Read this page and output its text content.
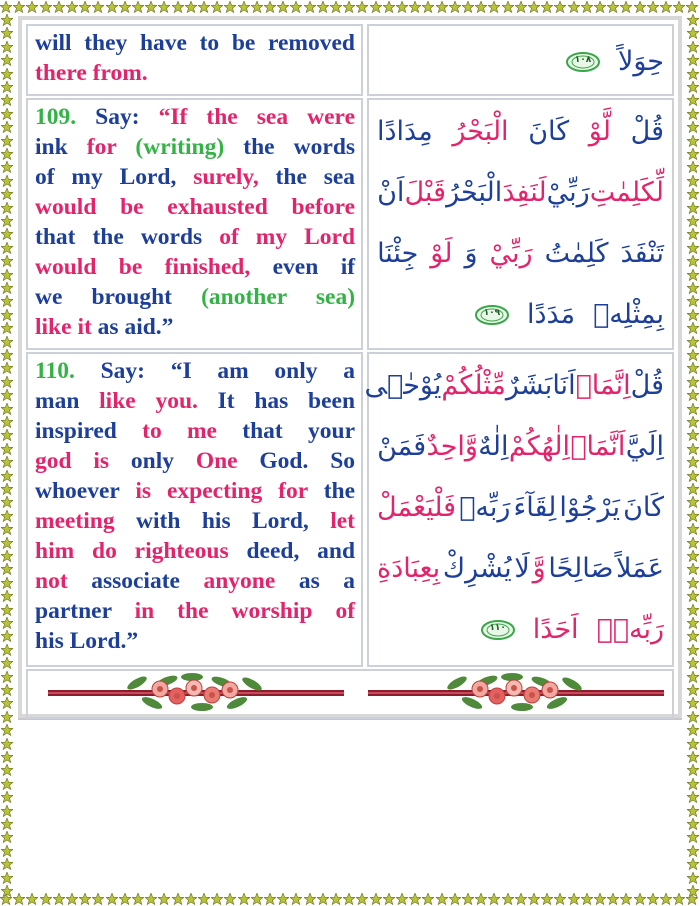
will they have to be removed
there from.	حِوَلاً
١٠٨
109. Say: “If the sea were
ink for (writing) the words
of my Lord, surely, the sea
would be exhausted before
that the words of my Lord
would be finished, even if
we brought (another sea)
like it as aid.”
قُلْ
لَّوْ
كَانَ
الْبَحْرُ
مِدَادًا
لِّكَلِمٰتِ
رَبِّيْ
لَنَفِدَ
الْبَحْرُ
قَبْلَ
اَنْ
تَنْفَدَ
كَلِمٰتُ
رَبِّيْ
وَ
لَوْ
جِئْنَا
بِمِثْلِهٖ
مَدَدًا
١٠٩
110. Say: “I am only a
man like you. It has been
inspired to me that your
god is only One God. So
whoever is expecting for the
meeting with his Lord, let
him do righteous deed, and
not associate anyone as a
partner in the worship of
his Lord.”
قُلْ
اِنَّمَاۤ
اَنَا
بَشَرٌ
مِّثْلُكُمْ
يُوْحٰۤى
اِلَيَّ
اَنَّمَاۤ
اِلٰهُكُمْ
اِلٰهٌ
وَّاحِدٌ
فَمَنْ
كَانَ
يَرْجُوْا
لِقَآءَ
رَبِّهٖ
فَلْيَعْمَلْ
عَمَلاً
صَالِحًا
وَّ
لَا
يُشْرِكْ
بِعِبَادَةِ
رَبِّهٖۤ
اَحَدًا
١١٠
